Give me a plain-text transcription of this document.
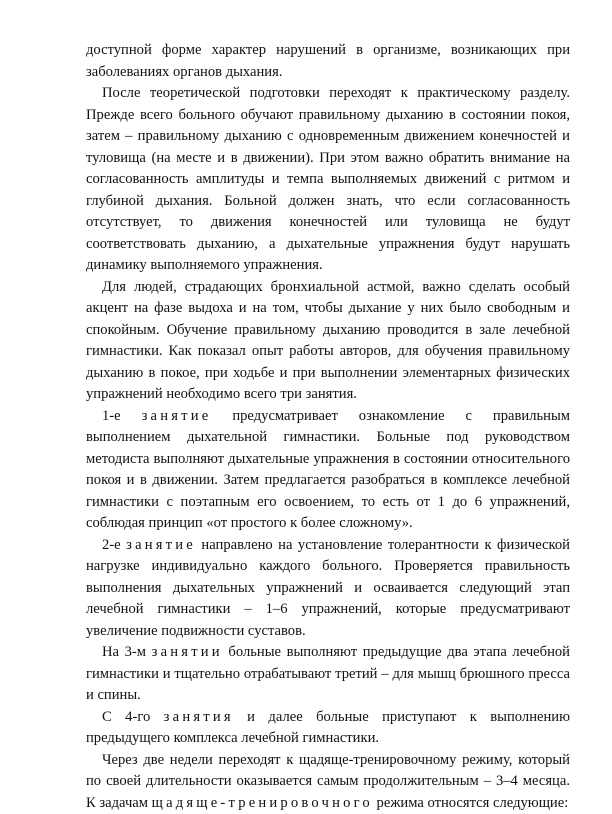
доступной форме характер нарушений в организме, возникающих при заболеваниях органов дыхания.

После теоретической подготовки переходят к практическому разделу. Прежде всего больного обучают правильному дыханию в состоянии покоя, затем – правильному дыханию с одновременным движением конечностей и туловища (на месте и в движении). При этом важно обратить внимание на согласованность амплитуды и темпа выполняемых движений с ритмом и глубиной дыхания. Больной должен знать, что если согласованность отсутствует, то движения конечностей или туловища не будут соответствовать дыханию, а дыхательные упражнения будут нарушать динамику выполняемого упражнения.

Для людей, страдающих бронхиальной астмой, важно сделать особый акцент на фазе выдоха и на том, чтобы дыхание у них было свободным и спокойным. Обучение правильному дыханию проводится в зале лечебной гимнастики. Как показал опыт работы авторов, для обучения правильному дыханию в покое, при ходьбе и при выполнении элементарных физических упражнений необходимо всего три занятия.

1-е занятие предусматривает ознакомление с правильным выполнением дыхательной гимнастики. Больные под руководством методиста выполняют дыхательные упражнения в состоянии относительного покоя и в движении. Затем предлагается разобраться в комплексе лечебной гимнастики с поэтапным его освоением, то есть от 1 до 6 упражнений, соблюдая принцип «от простого к более сложному».

2-е занятие направлено на установление толерантности к физической нагрузке индивидуально каждого больного. Проверяется правильность выполнения дыхательных упражнений и осваивается следующий этап лечебной гимнастики – 1–6 упражнений, которые предусматривают увеличение подвижности суставов.

На 3-м занятии больные выполняют предыдущие два этапа лечебной гимнастики и тщательно отрабатывают третий – для мышц брюшного пресса и спины.

С 4-го занятия и далее больные приступают к выполнению предыдущего комплекса лечебной гимнастики.

Через две недели переходят к щадяще-тренировочному режиму, который по своей длительности оказывается самым продолжительным – 3–4 месяца. К задачам щадяще-тренировочного режима относятся следующие:
